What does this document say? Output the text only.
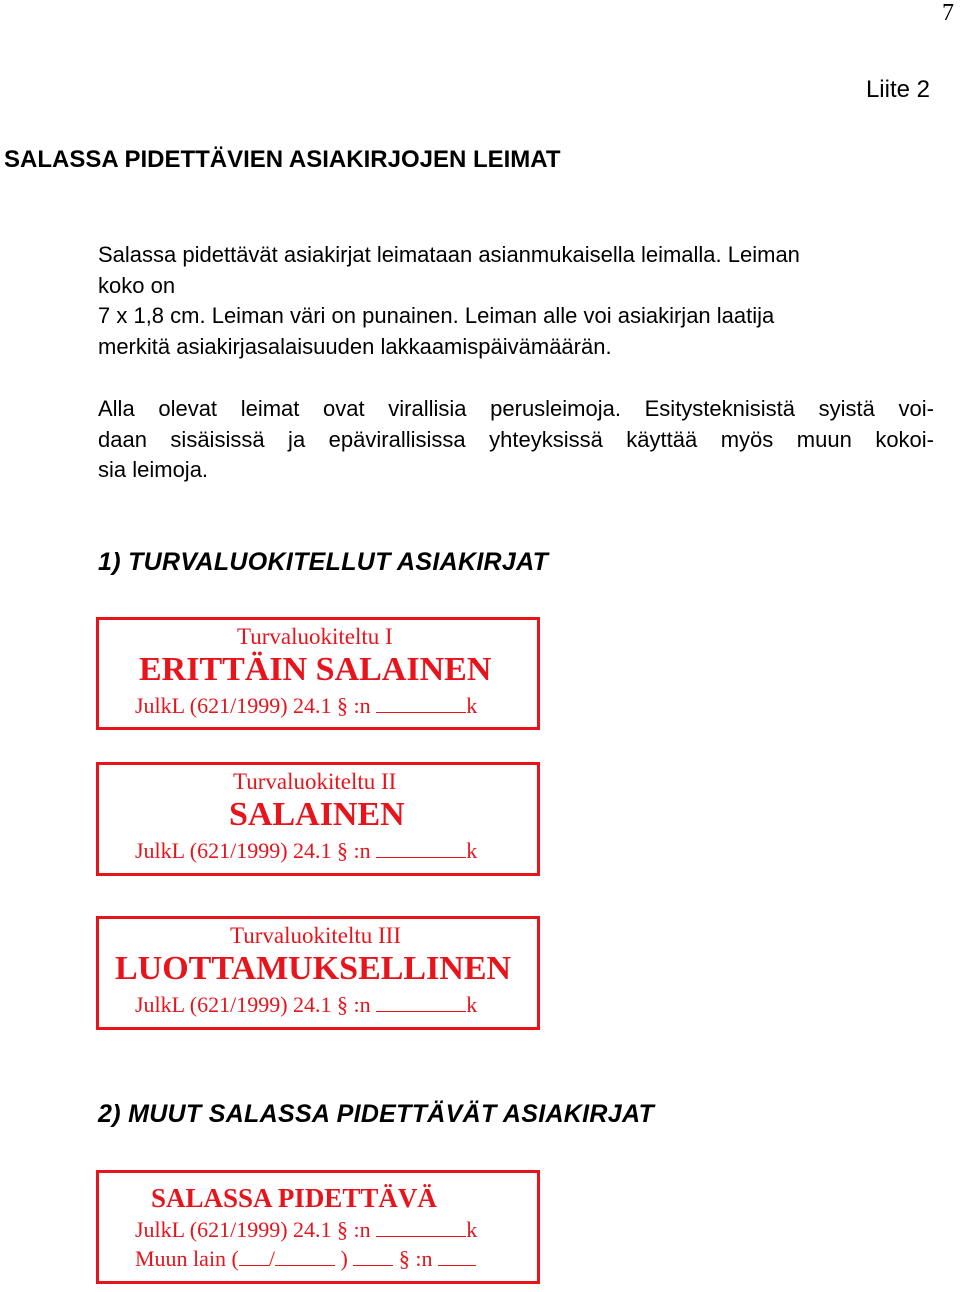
7
Liite 2
SALASSA PIDETTÄVIEN ASIAKIRJOJEN LEIMAT
Salassa pidettävät asiakirjat leimataan asianmukaisella leimalla. Leiman
koko on
7 x 1,8 cm. Leiman väri on punainen. Leiman alle voi asiakirjan laatija
merkitä asiakirjasalaisuuden lakkaamispäivämäärän.
Alla olevat leimat ovat virallisia perusleimoja. Esitysteknisistä syistä voi-
daan sisäisissä ja epävirallisissa yhteyksissä käyttää myös muun kokoi-
sia leimoja.
1) TURVALUOKITELLUT ASIAKIRJAT
Turvaluokiteltu I
ERITTÄIN SALAINEN
JulkL (621/1999) 24.1 § :n	k
Turvaluokiteltu II
SALAINEN
JulkL (621/1999) 24.1 § :n	k
Turvaluokiteltu III
LUOTTAMUKSELLINEN
JulkL (621/1999) 24.1 § :n	k
2) MUUT SALASSA PIDETTÄVÄT ASIAKIRJAT
SALASSA PIDETTÄVÄ
JulkL (621/1999) 24.1 § :n	k
Muun lain ( /	) § :n
